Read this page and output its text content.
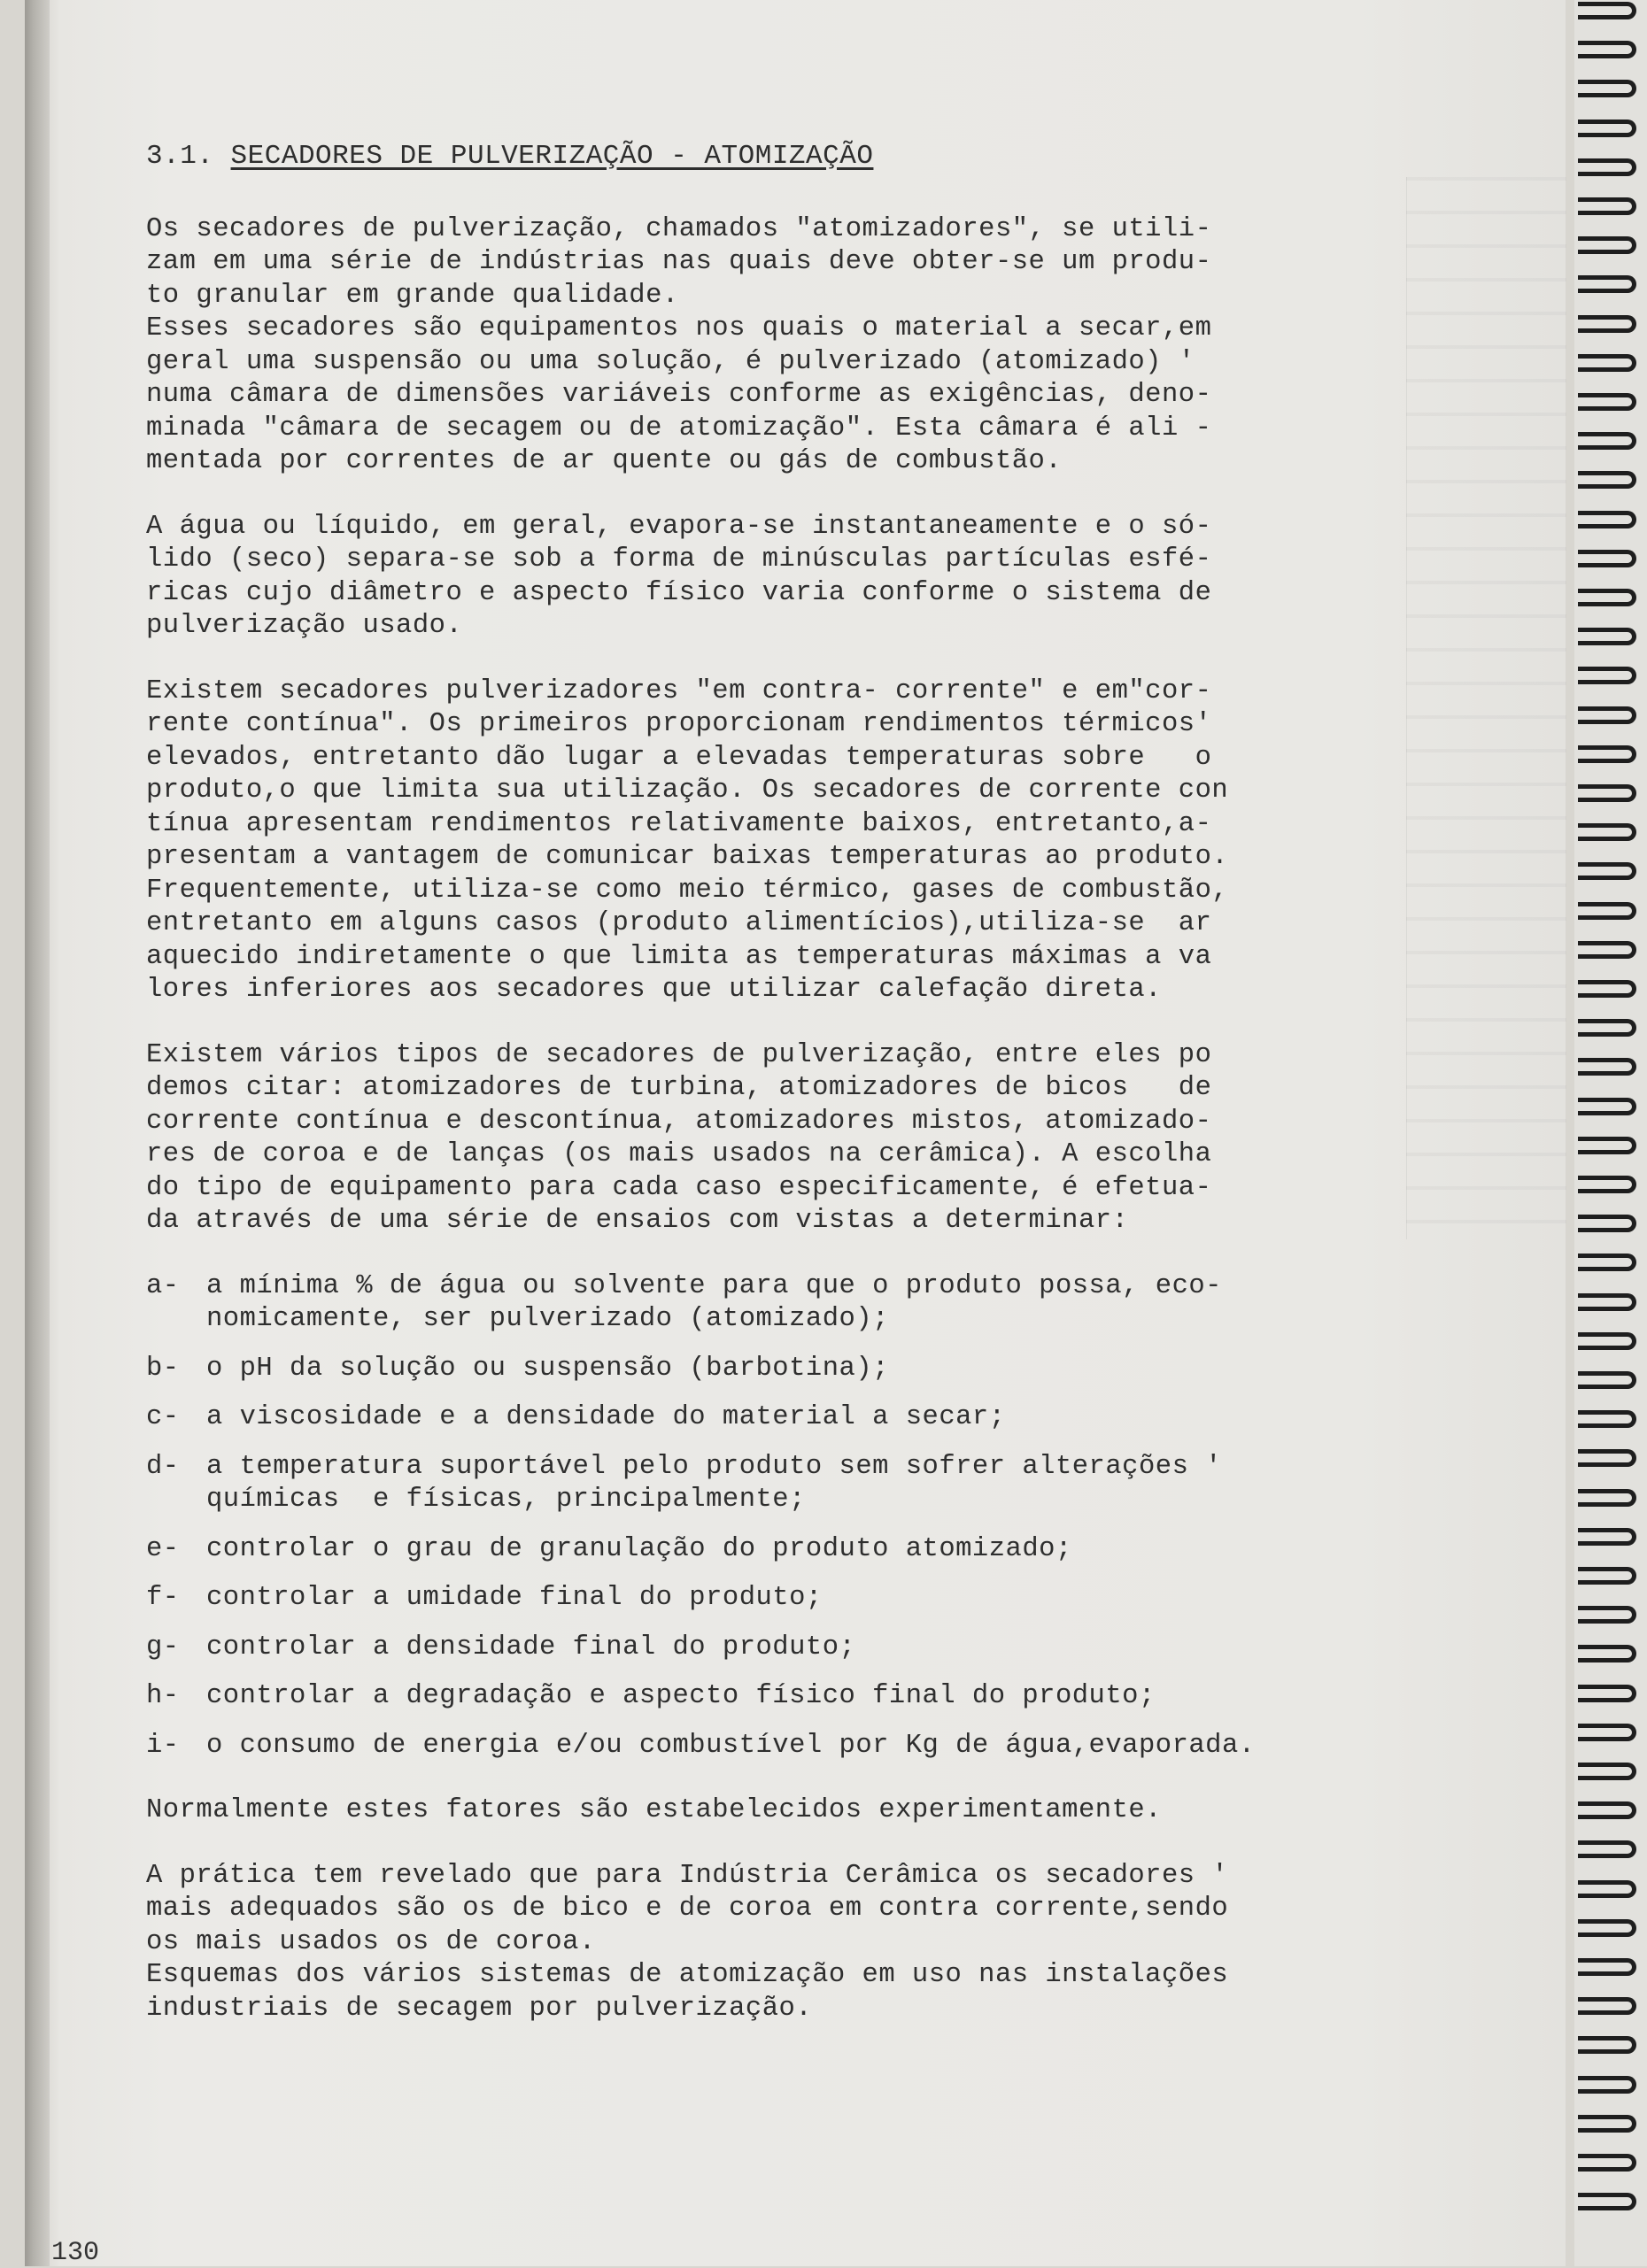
3.1. SECADORES DE PULVERIZAÇÃO - ATOMIZAÇÃO
Os secadores de pulverização, chamados "atomizadores", se utili-
zam em uma série de indústrias nas quais deve obter-se um produ-
to granular em grande qualidade.
Esses secadores são equipamentos nos quais o material a secar,em
geral uma suspensão ou uma solução, é pulverizado (atomizado) '
numa câmara de dimensões variáveis conforme as exigências, deno-
minada "câmara de secagem ou de atomização". Esta câmara é ali -
mentada por correntes de ar quente ou gás de combustão.
A água ou líquido, em geral, evapora-se instantaneamente e o só-
lido (seco) separa-se sob a forma de minúsculas partículas esfé-
ricas cujo diâmetro e aspecto físico varia conforme o sistema de
pulverização usado.
Existem secadores pulverizadores "em contra- corrente" e em"cor-
rente contínua". Os primeiros proporcionam rendimentos térmicos'
elevados, entretanto dão lugar a elevadas temperaturas sobre   o
produto,o que limita sua utilização. Os secadores de corrente con
tínua apresentam rendimentos relativamente baixos, entretanto,a-
presentam a vantagem de comunicar baixas temperaturas ao produto.
Frequentemente, utiliza-se como meio térmico, gases de combustão,
entretanto em alguns casos (produto alimentícios),utiliza-se  ar
aquecido indiretamente o que limita as temperaturas máximas a va
lores inferiores aos secadores que utilizar calefação direta.
Existem vários tipos de secadores de pulverização, entre eles po
demos citar: atomizadores de turbina, atomizadores de bicos   de
corrente contínua e descontínua, atomizadores mistos, atomizado-
res de coroa e de lanças (os mais usados na cerâmica). A escolha
do tipo de equipamento para cada caso especificamente, é efetua-
da através de uma série de ensaios com vistas a determinar:
a- a mínima % de água ou solvente para que o produto possa, eco-
nomicamente, ser pulverizado (atomizado);
b- o pH da solução ou suspensão (barbotina);
c- a viscosidade e a densidade do material a secar;
d- a temperatura suportável pelo produto sem sofrer alterações '
químicas  e físicas, principalmente;
e- controlar o grau de granulação do produto atomizado;
f- controlar a umidade final do produto;
g- controlar a densidade final do produto;
h- controlar a degradação e aspecto físico final do produto;
i- o consumo de energia e/ou combustível por Kg de água,evaporada.
Normalmente estes fatores são estabelecidos experimentamente.
A prática tem revelado que para Indústria Cerâmica os secadores '
mais adequados são os de bico e de coroa em contra corrente,sendo
os mais usados os de coroa.
Esquemas dos vários sistemas de atomização em uso nas instalações
industriais de secagem por pulverização.
130
